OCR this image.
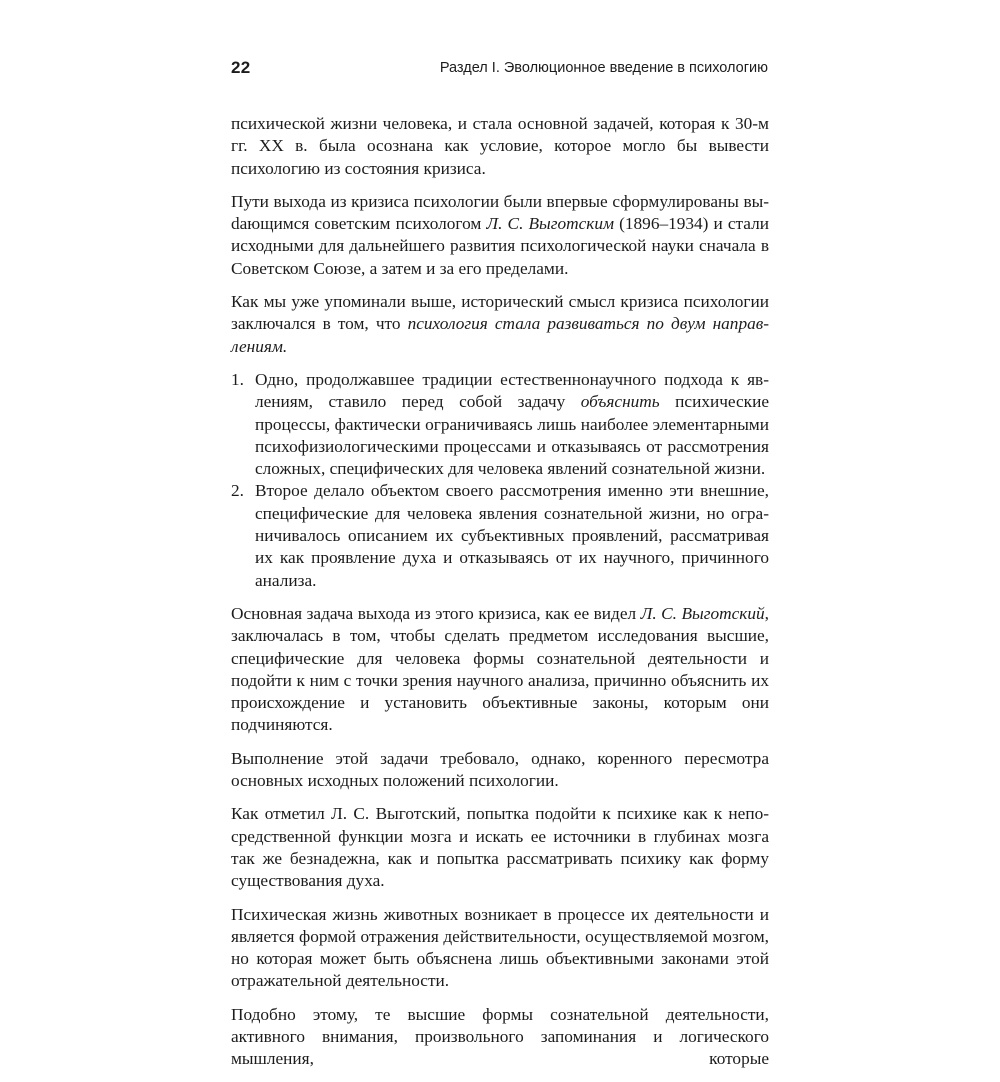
22	Раздел I. Эволюционное введение в психологию

психической жизни человека, и стала основной задачей, которая к 30-м гг. XX в. была осознана как условие, которое могло бы вывести психологию из состояния кризиса.

Пути выхода из кризиса психологии были впервые сформулированы выdающимся советским психологом Л. С. Выготским (1896–1934) и стали исходными для дальнейшего развития психологической науки сначала в Советском Союзе, а затем и за его пределами.

Как мы уже упоминали выше, исторический смысл кризиса психологии заключался в том, что психология стала развиваться по двум направлениям.

1. Одно, продолжавшее традиции естественнонаучного подхода к явлениям, ставило перед собой задачу объяснить психические процессы, фактически ограничиваясь лишь наиболее элементарными психофизиологическими процессами и отказываясь от рассмотрения сложных, специфических для человека явлений сознательной жизни.
2. Второе делало объектом своего рассмотрения именно эти внешние, специфические для человека явления сознательной жизни, но ограничивалось описанием их субъективных проявлений, рассматривая их как проявление духа и отказываясь от их научного, причинного анализа.

Основная задача выхода из этого кризиса, как ее видел Л. С. Выготский, заключалась в том, чтобы сделать предметом исследования высшие, специфические для человека формы сознательной деятельности и подойти к ним с точки зрения научного анализа, причинно объяснить их происхождение и установить объективные законы, которым они подчиняются.

Выполнение этой задачи требовало, однако, коренного пересмотра основных исходных положений психологии.

Как отметил Л. С. Выготский, попытка подойти к психике как к непосредственной функции мозга и искать ее источники в глубинах мозга так же безнадежна, как и попытка рассматривать психику как форму существования духа.

Психическая жизнь животных возникает в процессе их деятельности и является формой отражения действительности, осуществляемой мозгом, но которая может быть объяснена лишь объективными законами этой отражательной деятельности.

Подобно этому, те высшие формы сознательной деятельности, активного внимания, произвольного запоминания и логического мышления, которые
